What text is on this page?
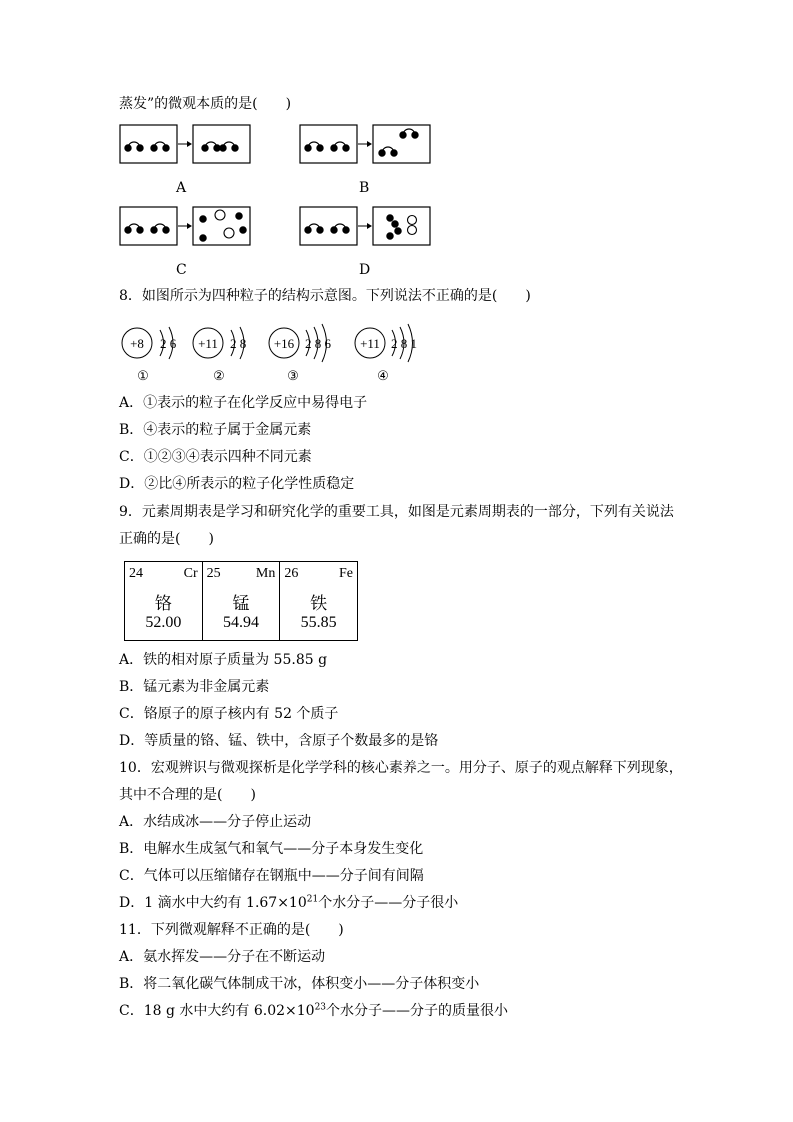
蒸发”的微观本质的是(　　)
A	B
C	D
8．如图所示为四种粒子的结构示意图。下列说法不正确的是(　　)
+8 2 6
①
+11 2 8
②
+16 2 8 6
③
+11 2 8 1
④
A．①表示的粒子在化学反应中易得电子
B．④表示的粒子属于金属元素
C．①②③④表示四种不同元素
D．②比④所表示的粒子化学性质稳定
9．元素周期表是学习和研究化学的重要工具，如图是元素周期表的一部分，下列有关说法
正确的是(　　)
24	Cr
铬
52.00
25	Mn
锰
54.94
26	Fe
铁
55.85
A．铁的相对原子质量为 55.85 g
B．锰元素为非金属元素
C．铬原子的原子核内有 52 个质子
D．等质量的铬、锰、铁中，含原子个数最多的是铬
10．宏观辨识与微观探析是化学学科的核心素养之一。用分子、原子的观点解释下列现象，
其中不合理的是(　　)
A．水结成冰——分子停止运动
B．电解水生成氢气和氧气——分子本身发生变化
C．气体可以压缩储存在钢瓶中——分子间有间隔
D．1 滴水中大约有 $1.67\times 10^{21}$个水分子——分子很小
11．下列微观解释不正确的是(　　)
A．氨水挥发——分子在不断运动
B．将二氧化碳气体制成干冰，体积变小——分子体积变小
C．18 g 水中大约有 $6.02\times 10^{23}$个水分子——分子的质量很小
